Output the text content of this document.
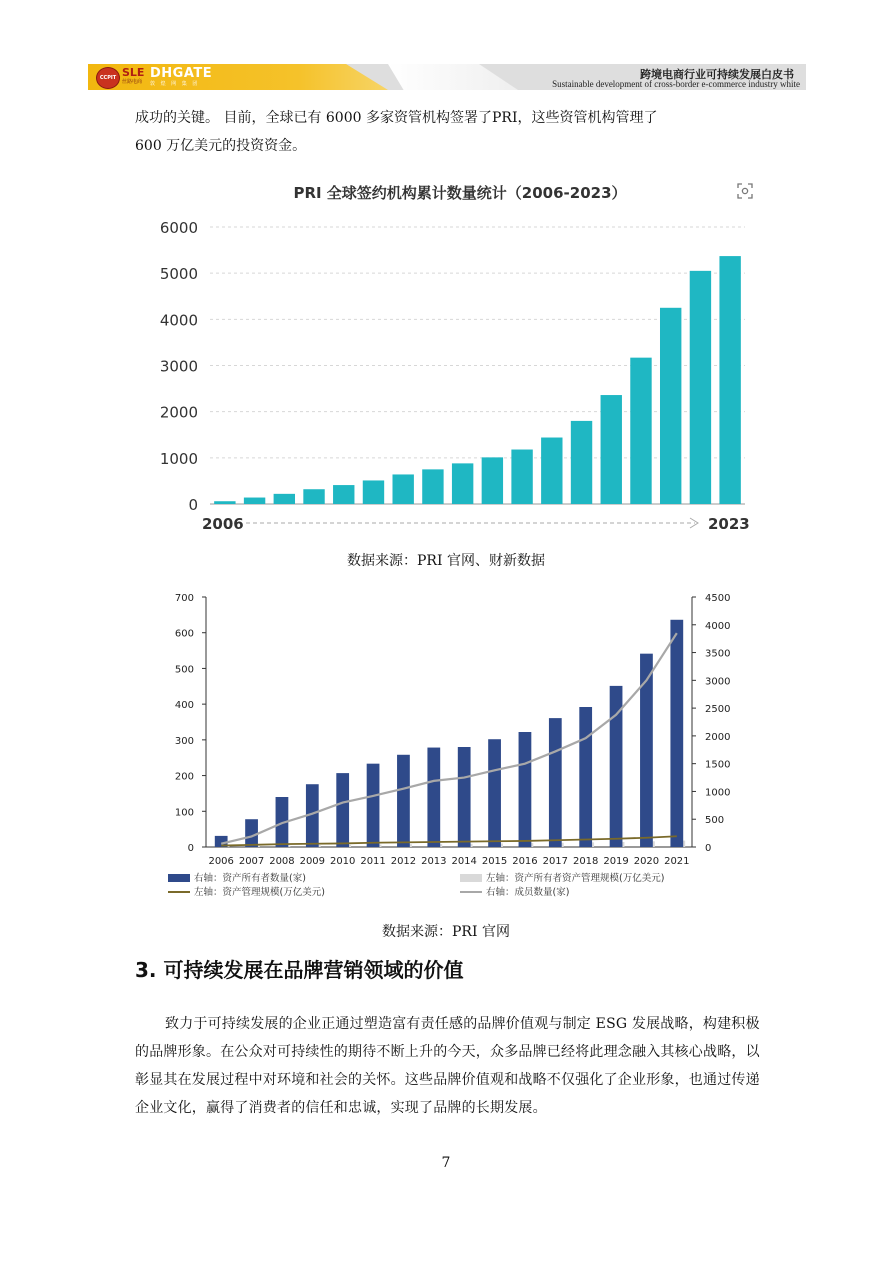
CCPIT SLE
丝路电商
DHGATE
敦 煌 网 集 团
跨境电商行业可持续发展白皮书
Sustainable development of cross-border e-commerce industry white
成功的关键。 目前，全球已有 6000 多家资管机构签署了PRI，这些资管机构管理了
600 万亿美元的投资资金。
PRI 全球签约机构累计数量统计（2006-2023）
0
1000
2000
3000
4000
5000
6000
2006	2023
数据来源：PRI 官网、财新数据
0
100
200
300
400
500
600
700
0
500
1000
1500
2000
2500
3000
3500
4000
4500
2006 2007 2008 2009 2010 2011 2012 2013 2014 2015 2016 2017 2018 2019 2020 2021
右轴：资产所有者数量(家)	左轴：资产所有者资产管理规模(万亿美元)
左轴：资产管理规模(万亿美元)	右轴：成员数量(家)
数据来源：PRI 官网
3. 可持续发展在品牌营销领域的价值
致力于可持续发展的企业正通过塑造富有责任感的品牌价值观与制定 ESG 发展战略，构建积极的品牌形象。在公众对可持续性的期待不断上升的今天，众多品牌已经将此理念融入其核心战略，以彰显其在发展过程中对环境和社会的关怀。这些品牌价值观和战略不仅强化了企业形象，也通过传递企业文化，赢得了消费者的信任和忠诚，实现了品牌的长期发展。
7
